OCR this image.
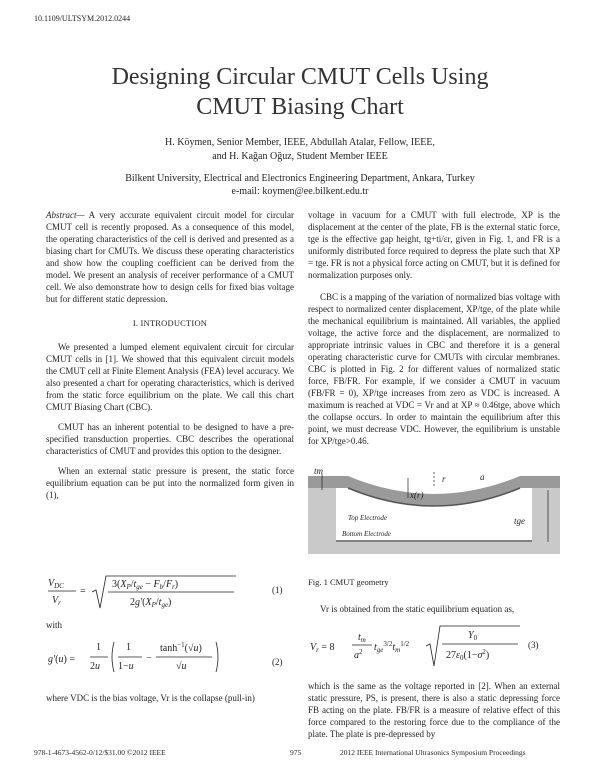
10.1109/ULTSYM.2012.0244
Designing Circular CMUT Cells Using
CMUT Biasing Chart
H. Köymen, Senior Member, IEEE, Abdullah Atalar, Fellow, IEEE,
and H. Kağan Oğuz, Student Member IEEE
Bilkent University, Electrical and Electronics Engineering Department, Ankara, Turkey
e-mail: koymen@ee.bilkent.edu.tr

Abstract— A very accurate equivalent circuit model for circular CMUT cell is recently proposed. As a consequence of this model, the operating characteristics of the cell is derived and presented as a biasing chart for CMUTs. We discuss these operating characteristics and show how the coupling coefficient can be derived from the model. We present an analysis of receiver performance of a CMUT cell. We also demonstrate how to design cells for fixed bias voltage but for different static depression.

I. INTRODUCTION

We presented a lumped element equivalent circuit for circular CMUT cells in [1]. We showed that this equivalent circuit models the CMUT cell at Finite Element Analysis (FEA) level accuracy. We also presented a chart for operating characteristics, which is derived from the static force equilibrium on the plate. We call this chart CMUT Biasing Chart (CBC).

CMUT has an inherent potential to be designed to have a pre-specified transduction properties. CBC describes the operational characteristics of CMUT and provides this option to the designer.

When an external static pressure is present, the static force equilibrium equation can be put into the normalized form given in (1),

$V_{DC}$
$V_r$
=
$3(X_P/t_{ge} - F_b/F_r)$
$2g'(X_P/t_{ge})$
(1)
with
g'(u) =
1
2u
1
1−u
−
$\tanh^{-1}(√u)$
√u	(2)
where VDC is the bias voltage, Vr is the collapse (pull-in)

voltage in vacuum for a CMUT with full electrode, XP is the displacement at the center of the plate, FB is the external static force, tge is the effective gap height, tg+ti/εr, given in Fig. 1, and FR is a uniformly distributed force required to depress the plate such that XP = tge. FR is not a physical force acting on CMUT, but it is defined for normalization purposes only.

CBC is a mapping of the variation of normalized bias voltage with respect to normalized center displacement, XP/tge, of the plate while the mechanical equilibrium is maintained. All variables, the applied voltage, the active force and the displacement, are normalized to appropriate intrinsic values in CBC and therefore it is a general operating characteristic curve for CMUTs with circular membranes. CBC is plotted in Fig. 2 for different values of normalized static force, FB/FR. For example, if we consider a CMUT in vacuum (FB/FR = 0), XP/tge increases from zero as VDC is increased. A maximum is reached at VDC = Vr and at XP ≈ 0.46tge, above which the collapse occurs. In order to maintain the equilibrium after this point, we must decrease VDC. However, the equilibrium is unstable for XP/tge>0.46.

tm
r	a
x(r)
Top Electrode
Bottom Electrode
tge
Fig. 1 CMUT geometry
Vr is obtained from the static equilibrium equation as,
$V_r = 8$
$t_m$
$a^2$ $t_{ge}^{3/2}t_m^{1/2}$
$Y_0$
$27\varepsilon_0(1-\sigma^2)$
(3)
which is the same as the voltage reported in [2]. When an external static pressure, PS, is present, there is also a static depressing force FB acting on the plate. FB/FR is a measure of relative effect of this force compared to the restoring force due to the compliance of the plate. The plate is pre-depressed by
978-1-4673-4562-0/12/$31.00 ©2012 IEEE	975	2012 IEEE International Ultrasonics Symposium Proceedings
